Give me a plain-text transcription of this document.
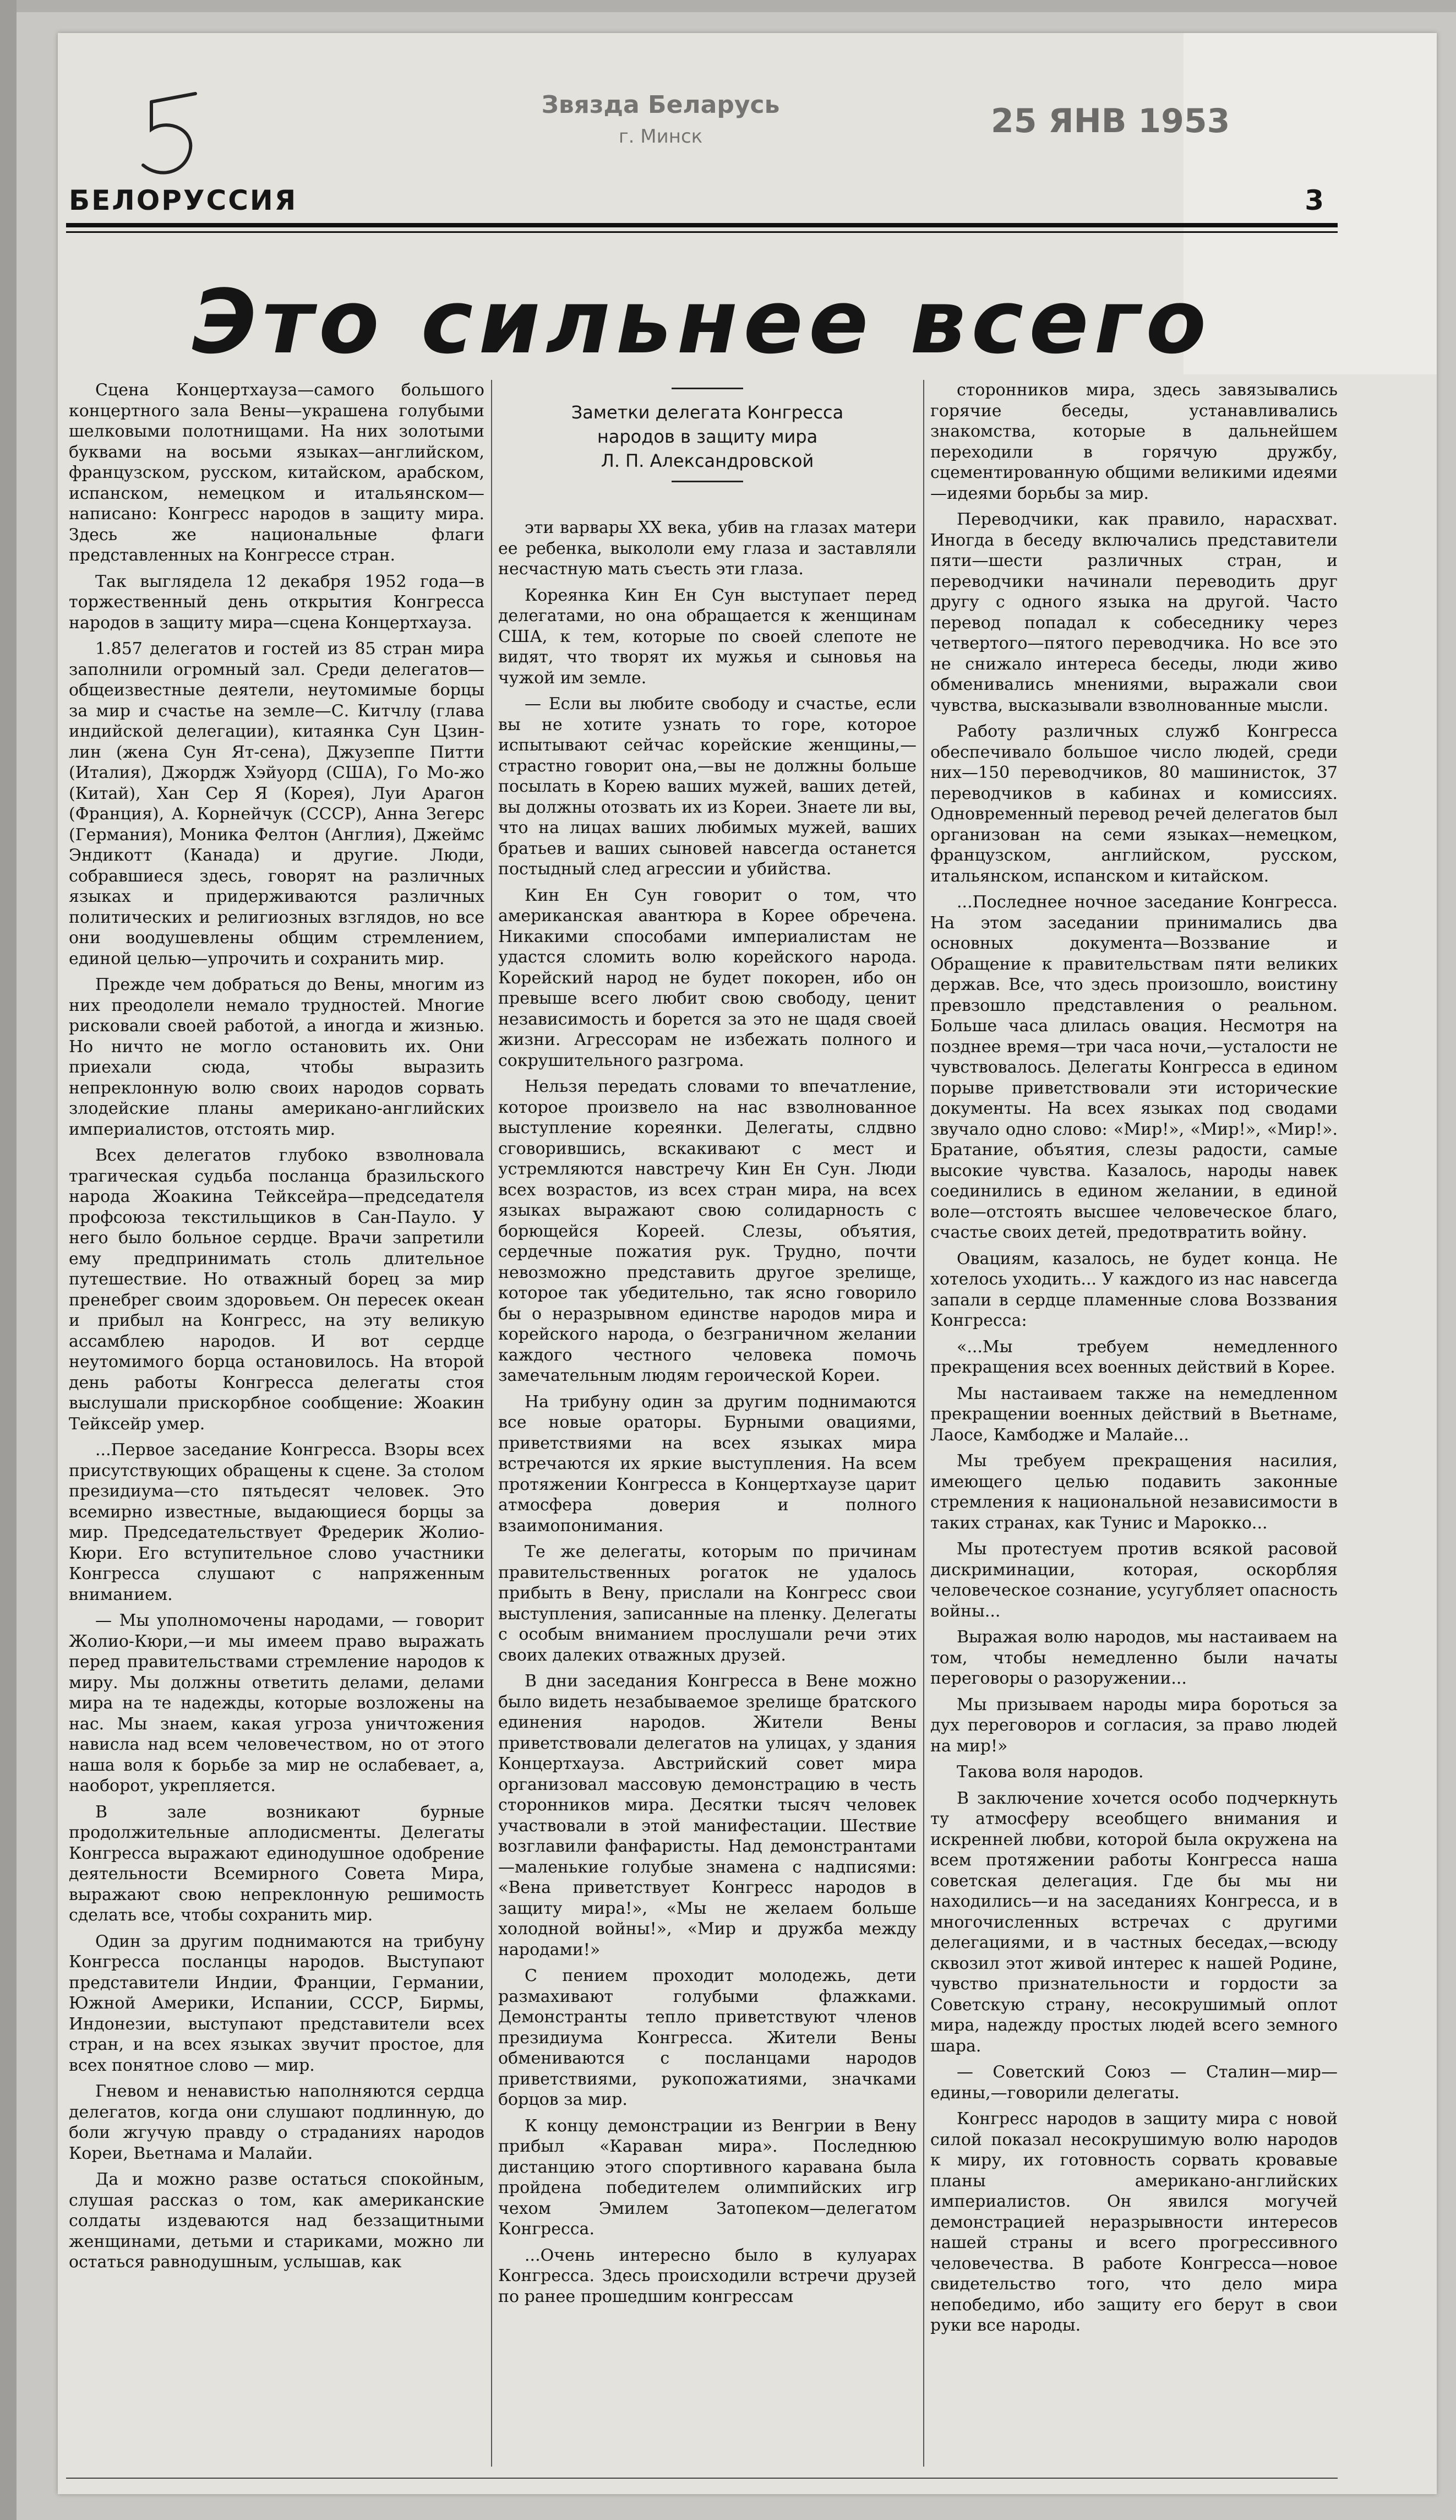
Звязда Беларусь
г. Минск	25 ЯНВ 1953
БЕЛОРУССИЯ	3
Это сильнее всего
Заметки делегата Конгресса
народов в защиту мира
Л. П. Александровской

Сцена Концертхауза—самого большого концертного зала Вены—украшена голубыми шелковыми полотнищами. На них золотыми буквами на восьми языках—английском, французском, русском, китайском, арабском, испанском, немецком и итальянском—написано: Конгресс народов в защиту мира. Здесь же национальные флаги представленных на Конгрессе стран.

Так выглядела 12 декабря 1952 года—в торжественный день открытия Конгресса народов в защиту мира—сцена Концертхауза.

1.857 делегатов и гостей из 85 стран мира заполнили огромный зал. Среди делегатов—общеизвестные деятели, неутомимые борцы за мир и счастье на земле—С. Китчлу (глава индийской делегации), китаянка Сун Цзин-лин (жена Сун Ят-сена), Джузеппе Питти (Италия), Джордж Хэйуорд (США), Го Мо-жо (Китай), Хан Сер Я (Корея), Луи Арагон (Франция), А. Корнейчук (СССР), Анна Зегерс (Германия), Моника Фелтон (Англия), Джеймс Эндикотт (Канада) и другие. Люди, собравшиеся здесь, говорят на различных языках и придерживаются различных политических и религиозных взглядов, но все они воодушевлены общим стремлением, единой целью—упрочить и сохранить мир.

Прежде чем добраться до Вены, многим из них преодолели немало трудностей. Многие рисковали своей работой, а иногда и жизнью. Но ничто не могло остановить их. Они приехали сюда, чтобы выразить непреклонную волю своих народов сорвать злодейские планы американо-английских империалистов, отстоять мир.

Всех делегатов глубоко взволновала трагическая судьба посланца бразильского народа Жоакина Тейксейра—председателя профсоюза текстильщиков в Сан-Пауло. У него было больное сердце. Врачи запретили ему предпринимать столь длительное путешествие. Но отважный борец за мир пренебрег своим здоровьем. Он пересек океан и прибыл на Конгресс, на эту великую ассамблею народов. И вот сердце неутомимого борца остановилось. На второй день работы Конгресса делегаты стоя выслушали прискорбное сообщение: Жоакин Тейксейр умер.

...Первое заседание Конгресса. Взоры всех присутствующих обращены к сцене. За столом президиума—сто пятьдесят человек. Это всемирно известные, выдающиеся борцы за мир. Председательствует Фредерик Жолио-Кюри. Его вступительное слово участники Конгресса слушают с напряженным вниманием.

— Мы уполномочены народами, — говорит Жолио-Кюри,—и мы имеем право выражать перед правительствами стремление народов к миру. Мы должны ответить делами, делами мира на те надежды, которые возложены на нас. Мы знаем, какая угроза уничтожения нависла над всем человечеством, но от этого наша воля к борьбе за мир не ослабевает, а, наоборот, укрепляется.

В зале возникают бурные продолжительные аплодисменты. Делегаты Конгресса выражают единодушное одобрение деятельности Всемирного Совета Мира, выражают свою непреклонную решимость сделать все, чтобы сохранить мир.

Один за другим поднимаются на трибуну Конгресса посланцы народов. Выступают представители Индии, Франции, Германии, Южной Америки, Испании, СССР, Бирмы, Индонезии, выступают представители всех стран, и на всех языках звучит простое, для всех понятное слово — мир.

Гневом и ненавистью наполняются сердца делегатов, когда они слушают подлинную, до боли жгучую правду о страданиях народов Кореи, Вьетнама и Малайи.

Да и можно разве остаться спокойным, слушая рассказ о том, как американские солдаты издеваются над беззащитными женщинами, детьми и стариками, можно ли остаться равнодушным, услышав, как

эти варвары XX века, убив на глазах матери ее ребенка, выкололи ему глаза и заставляли несчастную мать съесть эти глаза.

Кореянка Кин Ен Сун выступает перед делегатами, но она обращается к женщинам США, к тем, которые по своей слепоте не видят, что творят их мужья и сыновья на чужой им земле.

— Если вы любите свободу и счастье, если вы не хотите узнать то горе, которое испытывают сейчас корейские женщины,—страстно говорит она,—вы не должны больше посылать в Корею ваших мужей, ваших детей, вы должны отозвать их из Кореи. Знаете ли вы, что на лицах ваших любимых мужей, ваших братьев и ваших сыновей навсегда останется постыдный след агрессии и убийства.

Кин Ен Сун говорит о том, что американская авантюра в Корее обречена. Никакими способами империалистам не удастся сломить волю корейского народа. Корейский народ не будет покорен, ибо он превыше всего любит свою свободу, ценит независимость и борется за это не щадя своей жизни. Агрессорам не избежать полного и сокрушительного разгрома.

Нельзя передать словами то впечатление, которое произвело на нас взволнованное выступление кореянки. Делегаты, слдвно сговорившись, вскакивают с мест и устремляются навстречу Кин Ен Сун. Люди всех возрастов, из всех стран мира, на всех языках выражают свою солидарность с борющейся Кореей. Слезы, объятия, сердечные пожатия рук. Трудно, почти невозможно представить другое зрелище, которое так убедительно, так ясно говорило бы о неразрывном единстве народов мира и корейского народа, о безграничном желании каждого честного человека помочь замечательным людям героической Кореи.

На трибуну один за другим поднимаются все новые ораторы. Бурными овациями, приветствиями на всех языках мира встречаются их яркие выступления. На всем протяжении Конгресса в Концертхаузе царит атмосфера доверия и полного взаимопонимания.

Те же делегаты, которым по причинам правительственных рогаток не удалось прибыть в Вену, прислали на Конгресс свои выступления, записанные на пленку. Делегаты с особым вниманием прослушали речи этих своих далеких отважных друзей.

В дни заседания Конгресса в Вене можно было видеть незабываемое зрелище братского единения народов. Жители Вены приветствовали делегатов на улицах, у здания Концертхауза. Австрийский совет мира организовал массовую демонстрацию в честь сторонников мира. Десятки тысяч человек участвовали в этой манифестации. Шествие возглавили фанфаристы. Над демонстрантами—маленькие голубые знамена с надписями: «Вена приветствует Конгресс народов в защиту мира!», «Мы не желаем больше холодной войны!», «Мир и дружба между народами!»

С пением проходит молодежь, дети размахивают голубыми флажками. Демонстранты тепло приветствуют членов президиума Конгресса. Жители Вены обмениваются с посланцами народов приветствиями, рукопожатиями, значками борцов за мир.

К концу демонстрации из Венгрии в Вену прибыл «Караван мира». Последнюю дистанцию этого спортивного каравана была пройдена победителем олимпийских игр чехом Эмилем Затопеком—делегатом Конгресса.

...Очень интересно было в кулуарах Конгресса. Здесь происходили встречи друзей по ранее прошедшим конгрессам

сторонников мира, здесь завязывались горячие беседы, устанавливались знакомства, которые в дальнейшем переходили в горячую дружбу, сцементированную общими великими идеями—идеями борьбы за мир.

Переводчики, как правило, нарасхват. Иногда в беседу включались представители пяти—шести различных стран, и переводчики начинали переводить друг другу с одного языка на другой. Часто перевод попадал к собеседнику через четвертого—пятого переводчика. Но все это не снижало интереса беседы, люди живо обменивались мнениями, выражали свои чувства, высказывали взволнованные мысли.

Работу различных служб Конгресса обеспечивало большое число людей, среди них—150 переводчиков, 80 машинисток, 37 переводчиков в кабинах и комиссиях. Одновременный перевод речей делегатов был организован на семи языках—немецком, французском, английском, русском, итальянском, испанском и китайском.

...Последнее ночное заседание Конгресса. На этом заседании принимались два основных документа—Воззвание и Обращение к правительствам пяти великих держав. Все, что здесь произошло, воистину превзошло представления о реальном. Больше часа длилась овация. Несмотря на позднее время—три часа ночи,—усталости не чувствовалось. Делегаты Конгресса в едином порыве приветствовали эти исторические документы. На всех языках под сводами звучало одно слово: «Мир!», «Мир!», «Мир!». Братание, объятия, слезы радости, самые высокие чувства. Казалось, народы навек соединились в едином желании, в единой воле—отстоять высшее человеческое благо, счастье своих детей, предотвратить войну.

Овациям, казалось, не будет конца. Не хотелось уходить... У каждого из нас навсегда запали в сердце пламенные слова Воззвания Конгресса:

«...Мы требуем немедленного прекращения всех военных действий в Корее.

Мы настаиваем также на немедленном прекращении военных действий в Вьетнаме, Лаосе, Камбодже и Малайе...

Мы требуем прекращения насилия, имеющего целью подавить законные стремления к национальной независимости в таких странах, как Тунис и Марокко...

Мы протестуем против всякой расовой дискриминации, которая, оскорбляя человеческое сознание, усугубляет опасность войны...

Выражая волю народов, мы настаиваем на том, чтобы немедленно были начаты переговоры о разоружении...

Мы призываем народы мира бороться за дух переговоров и согласия, за право людей на мир!»

Такова воля народов.

В заключение хочется особо подчеркнуть ту атмосферу всеобщего внимания и искренней любви, которой была окружена на всем протяжении работы Конгресса наша советская делегация. Где бы мы ни находились—и на заседаниях Конгресса, и в многочисленных встречах с другими делегациями, и в частных беседах,—всюду сквозил этот живой интерес к нашей Родине, чувство признательности и гордости за Советскую страну, несокрушимый оплот мира, надежду простых людей всего земного шара.

— Советский Союз — Сталин—мир—едины,—говорили делегаты.

Конгресс народов в защиту мира с новой силой показал несокрушимую волю народов к миру, их готовность сорвать кровавые планы американо-английских империалистов. Он явился могучей демонстрацией неразрывности интересов нашей страны и всего прогрессивного человечества. В работе Конгресса—новое свидетельство того, что дело мира непобедимо, ибо защиту его берут в свои руки все народы.
